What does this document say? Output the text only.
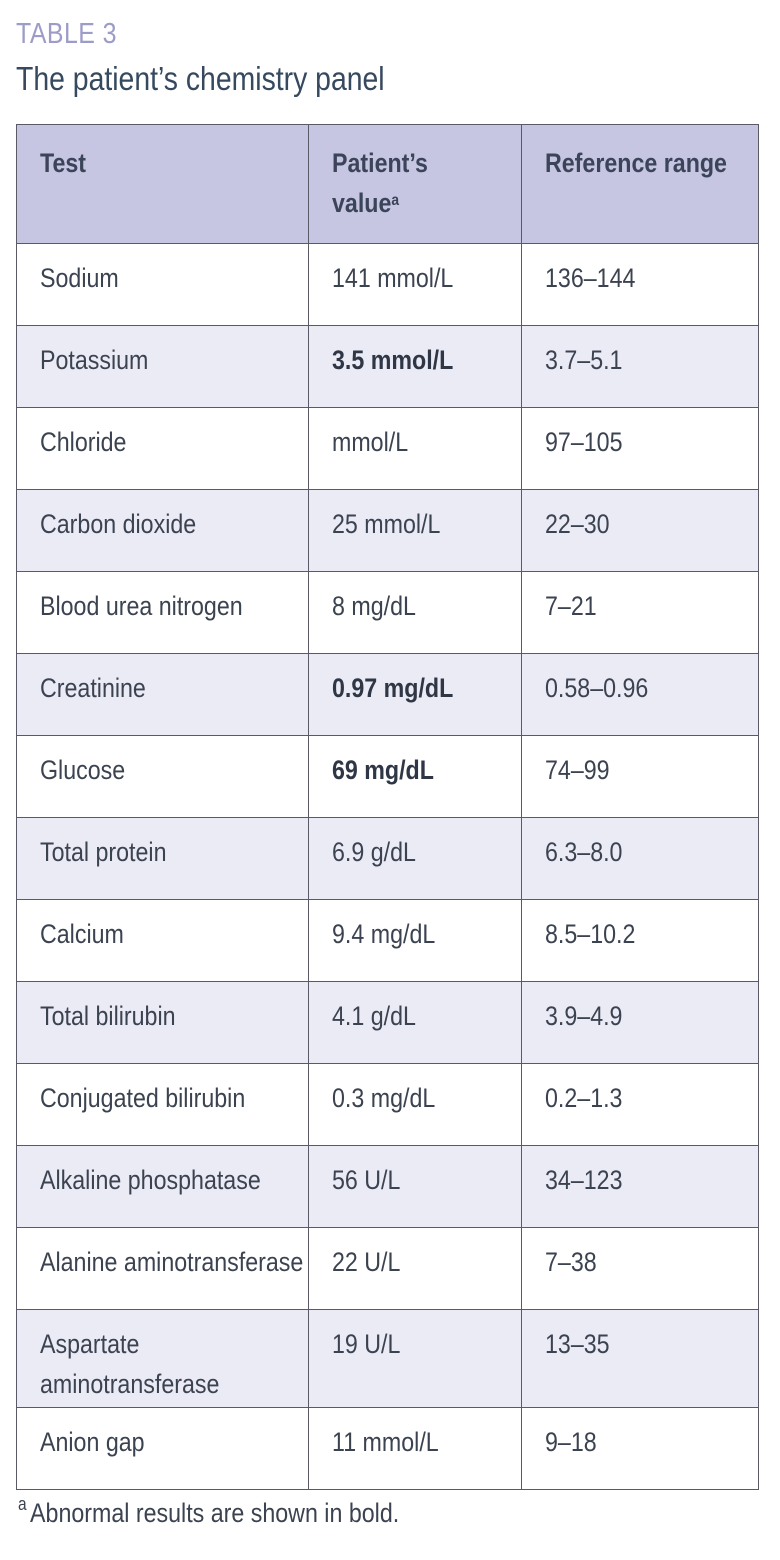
TABLE 3
The patient’s chemistry panel
Test	Patient’s value$^a$	Reference range
Sodium	141 mmol/L	136–144
Potassium	3.5 mmol/L	3.7–5.1
Chloride	mmol/L	97–105
Carbon dioxide	25 mmol/L	22–30
Blood urea nitrogen	8 mg/dL	7–21
Creatinine	0.97 mg/dL	0.58–0.96
Glucose	69 mg/dL	74–99
Total protein	6.9 g/dL	6.3–8.0
Calcium	9.4 mg/dL	8.5–10.2
Total bilirubin	4.1 g/dL	3.9–4.9
Conjugated bilirubin	0.3 mg/dL	0.2–1.3
Alkaline phosphatase	56 U/L	34–123
Alanine aminotransferase	22 U/L	7–38

Aspartate aminotransferase	19 U/L	13–35
Anion gap	11 mmol/L	9–18
$^a$ Abnormal results are shown in bold.
